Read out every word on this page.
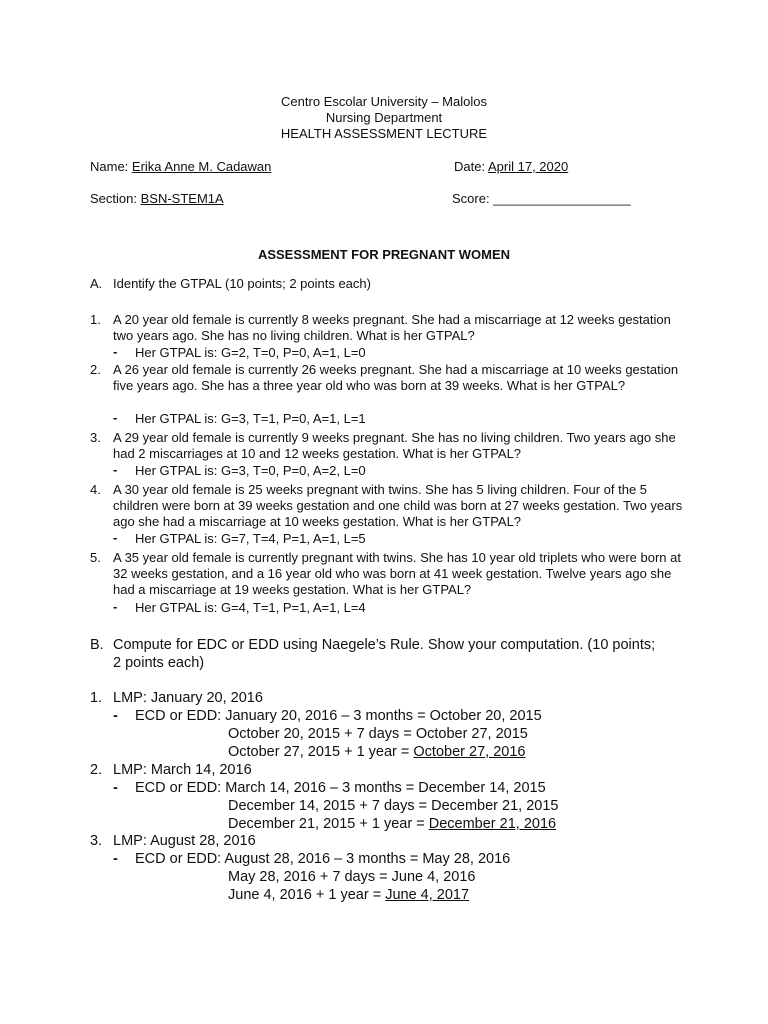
Centro Escolar University – Malolos
Nursing Department
HEALTH ASSESSMENT LECTURE
Name: Erika Anne M. Cadawan	Date: April 17, 2020
Section: BSN-STEM1A	Score: ___________________
ASSESSMENT FOR PREGNANT WOMEN
A. Identify the GTPAL (10 points; 2 points each)
1. A 20 year old female is currently 8 weeks pregnant. She had a miscarriage at 12 weeks gestation two years ago. She has no living children. What is her GTPAL?
- Her GTPAL is: G=2, T=0, P=0, A=1, L=0
2. A 26 year old female is currently 26 weeks pregnant. She had a miscarriage at 10 weeks gestation five years ago. She has a three year old who was born at 39 weeks. What is her GTPAL?
- Her GTPAL is: G=3, T=1, P=0, A=1, L=1
3. A 29 year old female is currently 9 weeks pregnant. She has no living children. Two years ago she had 2 miscarriages at 10 and 12 weeks gestation. What is her GTPAL?
- Her GTPAL is: G=3, T=0, P=0, A=2, L=0
4. A 30 year old female is 25 weeks pregnant with twins. She has 5 living children. Four of the 5 children were born at 39 weeks gestation and one child was born at 27 weeks gestation. Two years ago she had a miscarriage at 10 weeks gestation. What is her GTPAL?
- Her GTPAL is: G=7, T=4, P=1, A=1, L=5
5. A 35 year old female is currently pregnant with twins. She has 10 year old triplets who were born at 32 weeks gestation, and a 16 year old who was born at 41 week gestation. Twelve years ago she had a miscarriage at 19 weeks gestation. What is her GTPAL?
- Her GTPAL is: G=4, T=1, P=1, A=1, L=4
B. Compute for EDC or EDD using Naegele’s Rule. Show your computation. (10 points;
2 points each)
1. LMP: January 20, 2016
- ECD or EDD: January 20, 2016 – 3 months = October 20, 2015
October 20, 2015 + 7 days = October 27, 2015
October 27, 2015 + 1 year = October 27, 2016
2. LMP: March 14, 2016
- ECD or EDD: March 14, 2016 – 3 months = December 14, 2015
December 14, 2015 + 7 days = December 21, 2015
December 21, 2015 + 1 year = December 21, 2016
3. LMP: August 28, 2016
- ECD or EDD: August 28, 2016 – 3 months = May 28, 2016
May 28, 2016 + 7 days = June 4, 2016
June 4, 2016 + 1 year = June 4, 2017
